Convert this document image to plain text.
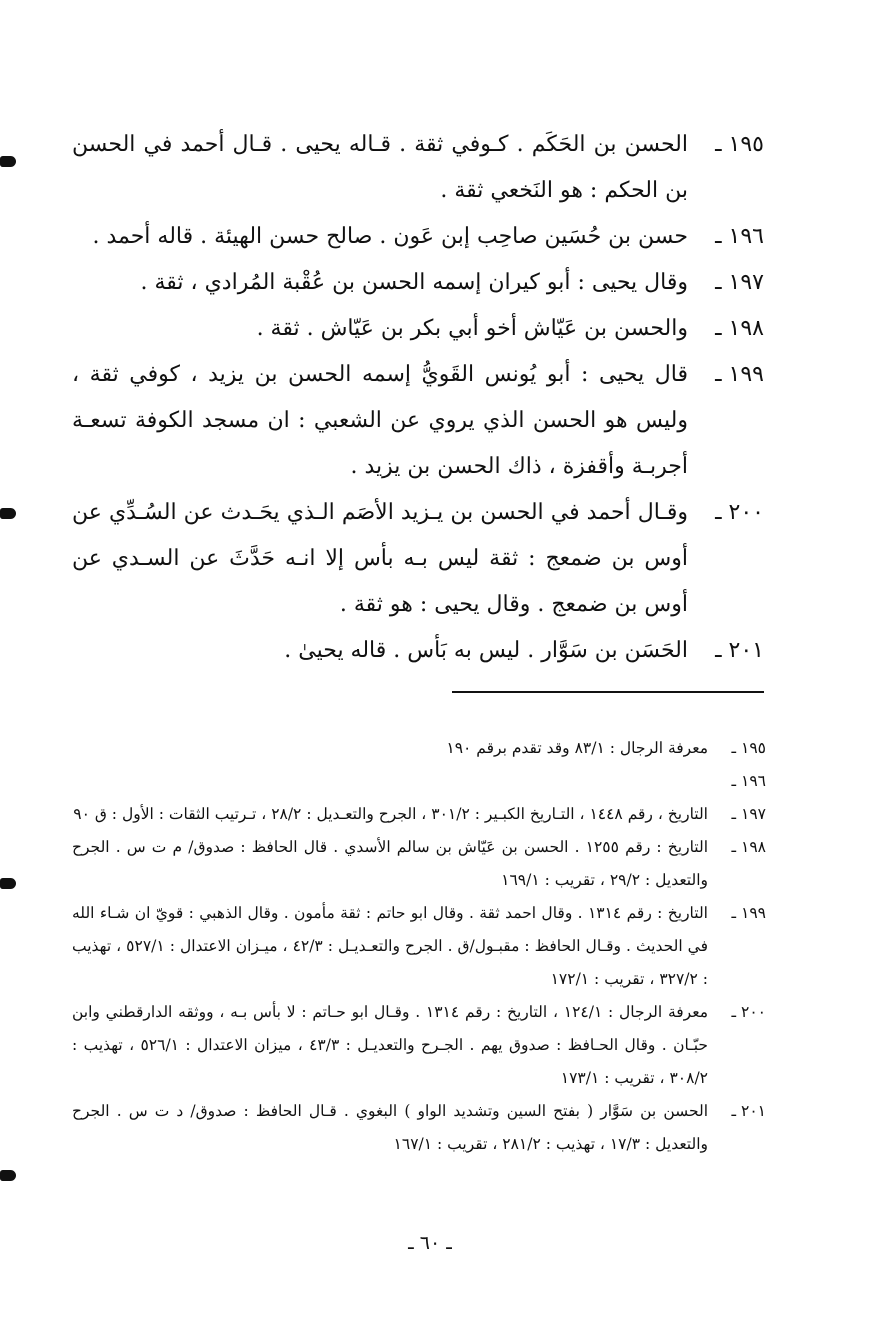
١٩٥ ـ
الحسن بن الحَكَم . كـوفي ثقة . قـاله يحيى . قـال أحمد في الحسن بن الحكم : هو النَخعي ثقة .
١٩٦ ـ
حسن بن حُسَين صاحِب إبن عَون . صالح حسن الهيئة . قاله أحمد .
١٩٧ ـ
وقال يحيى : أبو كيران إسمه الحسن بن عُقْبة المُرادي ، ثقة .
١٩٨ ـ
والحسن بن عَيّاش أخو أبي بكر بن عَيّاش . ثقة .
١٩٩ ـ
قال يحيى : أبو يُونس القَويُّ إسمه الحسن بن يزيد ، كوفي ثقة ، وليس هو الحسن الذي يروي عن الشعبي : ان مسجد الكوفة تسعـة أجربـة وأقفزة ، ذاك الحسن بن يزيد .
٢٠٠ ـ
وقـال أحمد في الحسن بن يـزيد الأصَم الـذي يحَـدث عن السُـدِّي عن أوس بن ضمعج : ثقة ليس بـه بأس إلا انـه حَدَّثَ عن السـدي عن أوس بن ضمعج . وقال يحيى : هو ثقة .
٢٠١ ـ
الحَسَن بن سَوَّار . ليس به بَأس . قاله يحيىٰ .
١٩٥ ـ
معرفة الرجال : ٨٣/١ وقد تقدم برقم ١٩٠
١٩٦ ـ

١٩٧ ـ
التاريخ ، رقم ١٤٤٨ ، التـاريخ الكبـير : ٣٠١/٢ ، الجرح والتعـديل : ٢٨/٢ ، تـرتيب الثقات : الأول : ق ٩٠
١٩٨ ـ
التاريخ : رقم ١٢٥٥ . الحسن بن عَيّاش بن سالم الأسدي . قال الحافظ : صدوق/ م ت س . الجرح والتعديل : ٢٩/٢ ، تقريب : ١٦٩/١
١٩٩ ـ
التاريخ : رقم ١٣١٤ . وقال احمد ثقة . وقال ابو حاتم : ثقة مأمون . وقال الذهبي : قويّ ان شـاء الله في الحديث . وقـال الحافظ : مقبـول/ق . الجرح والتعـديـل : ٤٢/٣ ، ميـزان الاعتدال : ٥٢٧/١ ، تهذيب : ٣٢٧/٢ ، تقريب : ١٧٢/١
٢٠٠ ـ
معرفة الرجال : ١٢٤/١ ، التاريخ : رقم ١٣١٤ . وقـال ابو حـاتم : لا بأس بـه ، ووثقه الدارقطني وابن حبّـان . وقال الحـافظ : صدوق يهم . الجـرح والتعديـل : ٤٣/٣ ، ميزان الاعتدال : ٥٢٦/١ ، تهذيب : ٣٠٨/٢ ، تقريب : ١٧٣/١
٢٠١ ـ
الحسن بن سَوَّار ( بفتح السين وتشديد الواو ) البغوي . قـال الحافظ : صدوق/ د ت س . الجرح والتعديل : ١٧/٣ ، تهذيب : ٢٨١/٢ ، تقريب : ١٦٧/١
ـ ٦٠ ـ
